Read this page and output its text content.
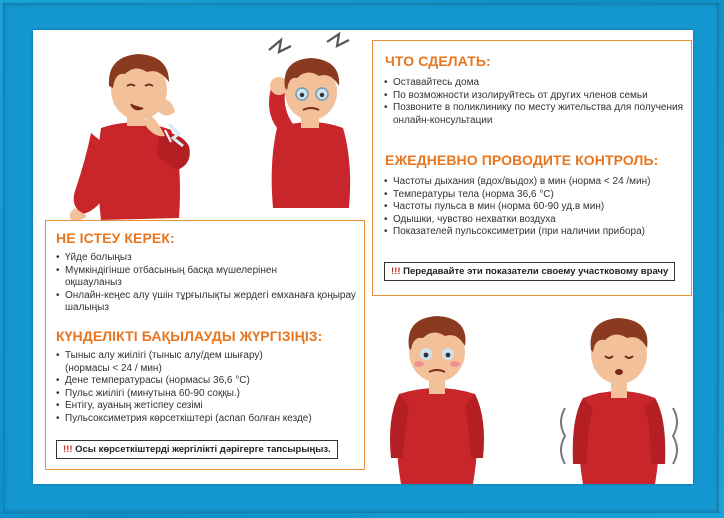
ЧТО СДЕЛАТЬ:
• Оставайтесь дома
• По возможности изолируйтесь от других членов семьи
• Позвоните в поликлинику по месту жительства для получения онлайн-консультации
ЕЖЕДНЕВНО ПРОВОДИТЕ КОНТРОЛЬ:
• Частоты дыхания (вдох/выдох) в мин (норма < 24 /мин)
• Температуры тела (норма 36,6 °С)
• Частоты пульса в мин (норма 60-90 уд.в мин)
• Одышки, чувство нехватки воздуха
• Показателей пульсоксиметрии (при наличии прибора)
!!! Передавайте эти показатели своему участковому врачу
НЕ ІСТЕУ КЕРЕК:
• Үйде болыңыз
• Мүмкіндігінше отбасының басқа мүшелерінен оқшауланыз
• Онлайн-кеңес алу үшін тұрғылықты жердегі емханаға қоңырау шалыңыз
КҮНДЕЛІКТІ БАҚЫЛАУДЫ ЖҮРГІЗІҢІЗ:
• Тыныс алу жиілігі (тыныс алу/дем шығару) (нормасы < 24 / мин)
• Дене температурасы (нормасы 36,6 °С)
• Пульс жиілігі (минутына 60-90 соққы.)
• Ентігу, ауаның жетіспеу сезімі
• Пульсоксиметрия көрсеткіштері (аспап болған кезде)
!!! Осы көрсеткіштерді жергілікті дәрігерге тапсырыңыз.
